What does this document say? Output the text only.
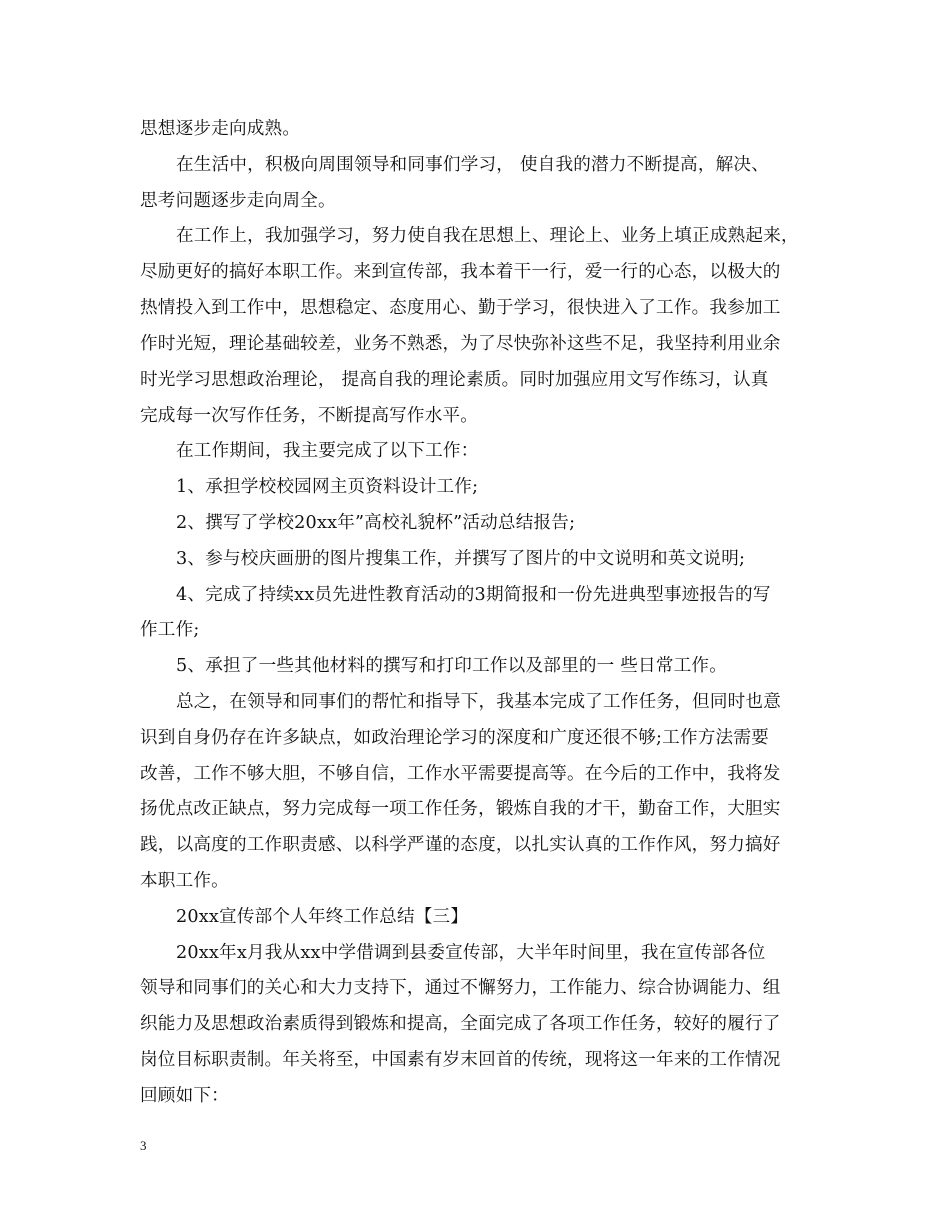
思想逐步走向成熟。
在生活中，积极向周围领导和同事们学习， 使自我的潜力不断提高，解决、
思考问题逐步走向周全。
在工作上，我加强学习，努力使自我在思想上、理论上、业务上填正成熟起来，
尽励更好的搞好本职工作。来到宣传部，我本着干一行，爱一行的心态，以极大的
热情投入到工作中，思想稳定、态度用心、勤于学习，很快进入了工作。我参加工
作时光短，理论基础较差，业务不熟悉，为了尽快弥补这些不足，我坚持利用业余
时光学习思想政治理论， 提高自我的理论素质。同时加强应用文写作练习，认真
完成每一次写作任务，不断提高写作水平。
在工作期间，我主要完成了以下工作：
1、承担学校校园网主页资料设计工作;
2、撰写了学校20xx年”高校礼貌杯”活动总结报告;
3、参与校庆画册的图片搜集工作，并撰写了图片的中文说明和英文说明;
4、完成了持续xx员先进性教育活动的3期简报和一份先进典型事迹报告的写
作工作;
5、承担了一些其他材料的撰写和打印工作以及部里的一 些日常工作。
总之，在领导和同事们的帮忙和指导下，我基本完成了工作任务，但同时也意
识到自身仍存在许多缺点，如政治理论学习的深度和广度还很不够;工作方法需要
改善，工作不够大胆，不够自信，工作水平需要提高等。在今后的工作中，我将发
扬优点改正缺点，努力完成每一项工作任务，锻炼自我的才干，勤奋工作，大胆实
践，以高度的工作职责感、以科学严谨的态度，以扎实认真的工作作风，努力搞好
本职工作。
20xx宣传部个人年终工作总结【三】
20xx年x月我从xx中学借调到县委宣传部，大半年时间里，我在宣传部各位
领导和同事们的关心和大力支持下，通过不懈努力，工作能力、综合协调能力、组
织能力及思想政治素质得到锻炼和提高，全面完成了各项工作任务，较好的履行了
岗位目标职责制。年关将至，中国素有岁末回首的传统，现将这一年来的工作情况
回顾如下：
3
